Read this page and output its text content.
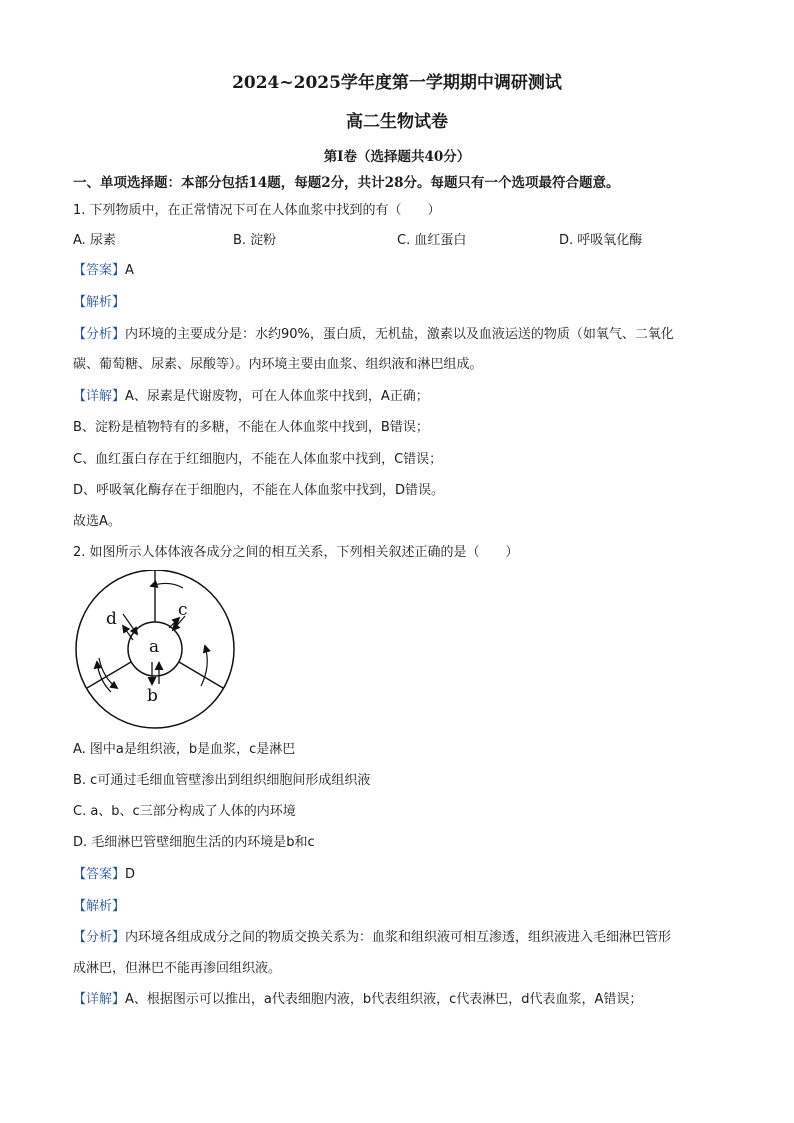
2024~2025学年度第一学期期中调研测试
高二生物试卷
第Ⅰ卷（选择题共40分）
一、单项选择题：本部分包括14题，每题2分，共计28分。每题只有一个选项最符合题意。
1. 下列物质中，在正常情况下可在人体血浆中找到的有（　　）
A. 尿素	B. 淀粉	C. 血红蛋白	D. 呼吸氧化酶
【答案】A
【解析】
【分析】内环境的主要成分是：水约90%，蛋白质，无机盐，激素以及血液运送的物质（如氧气、二氧化
碳、葡萄糖、尿素、尿酸等）。内环境主要由血浆、组织液和淋巴组成。
【详解】A、尿素是代谢废物，可在人体血浆中找到，A正确；
B、淀粉是植物特有的多糖，不能在人体血浆中找到，B错误；
C、血红蛋白存在于红细胞内，不能在人体血浆中找到，C错误；
D、呼吸氧化酶存在于细胞内，不能在人体血浆中找到，D错误。
故选A。
2. 如图所示人体体液各成分之间的相互关系，下列相关叙述正确的是（　　）
a
b
c
d
A. 图中a是组织液，b是血浆，c是淋巴
B. c可通过毛细血管壁渗出到组织细胞间形成组织液
C. a、b、c三部分构成了人体的内环境
D. 毛细淋巴管壁细胞生活的内环境是b和c
【答案】D
【解析】
【分析】内环境各组成成分之间的物质交换关系为：血浆和组织液可相互渗透，组织液进入毛细淋巴管形
成淋巴，但淋巴不能再渗回组织液。
【详解】A、根据图示可以推出，a代表细胞内液，b代表组织液，c代表淋巴，d代表血浆，A错误；
